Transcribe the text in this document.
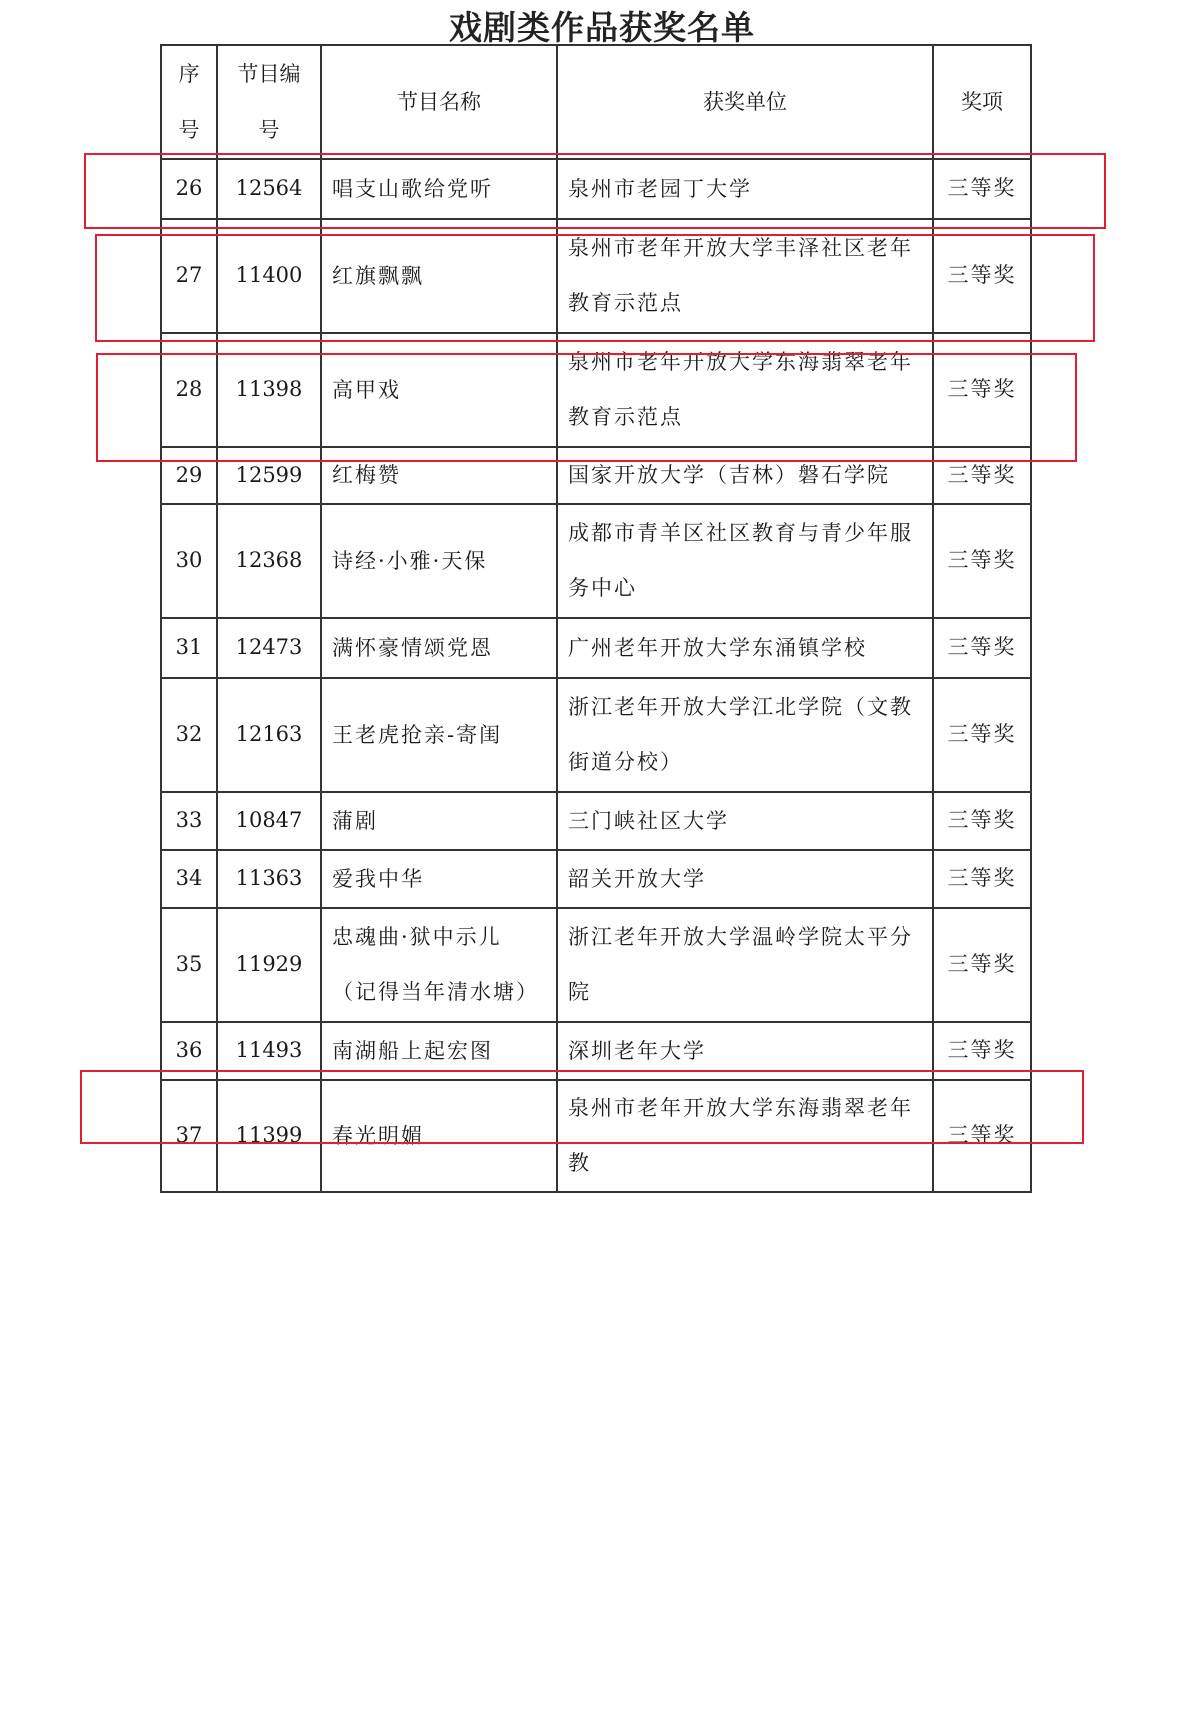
戏剧类作品获奖名单
序号	节目编号	节目名称	获奖单位	奖项
26	12564	唱支山歌给党听	泉州市老园丁大学	三等奖
27	11400	红旗飘飘	泉州市老年开放大学丰泽社区老年教育示范点	三等奖
28	11398	高甲戏	泉州市老年开放大学东海翡翠老年教育示范点	三等奖
29	12599	红梅赞	国家开放大学（吉林）磐石学院	三等奖
30	12368	诗经·小雅·天保	成都市青羊区社区教育与青少年服务中心	三等奖
31	12473	满怀豪情颂党恩	广州老年开放大学东涌镇学校	三等奖
32	12163	王老虎抢亲-寄闺	浙江老年开放大学江北学院（文教街道分校）	三等奖
33	10847	蒲剧	三门峡社区大学	三等奖
34	11363	爱我中华	韶关开放大学	三等奖
35	11929	忠魂曲·狱中示儿（记得当年清水塘）	浙江老年开放大学温岭学院太平分院	三等奖
36	11493	南湖船上起宏图	深圳老年大学	三等奖
37	11399	春光明媚	泉州市老年开放大学东海翡翠老年教	三等奖
